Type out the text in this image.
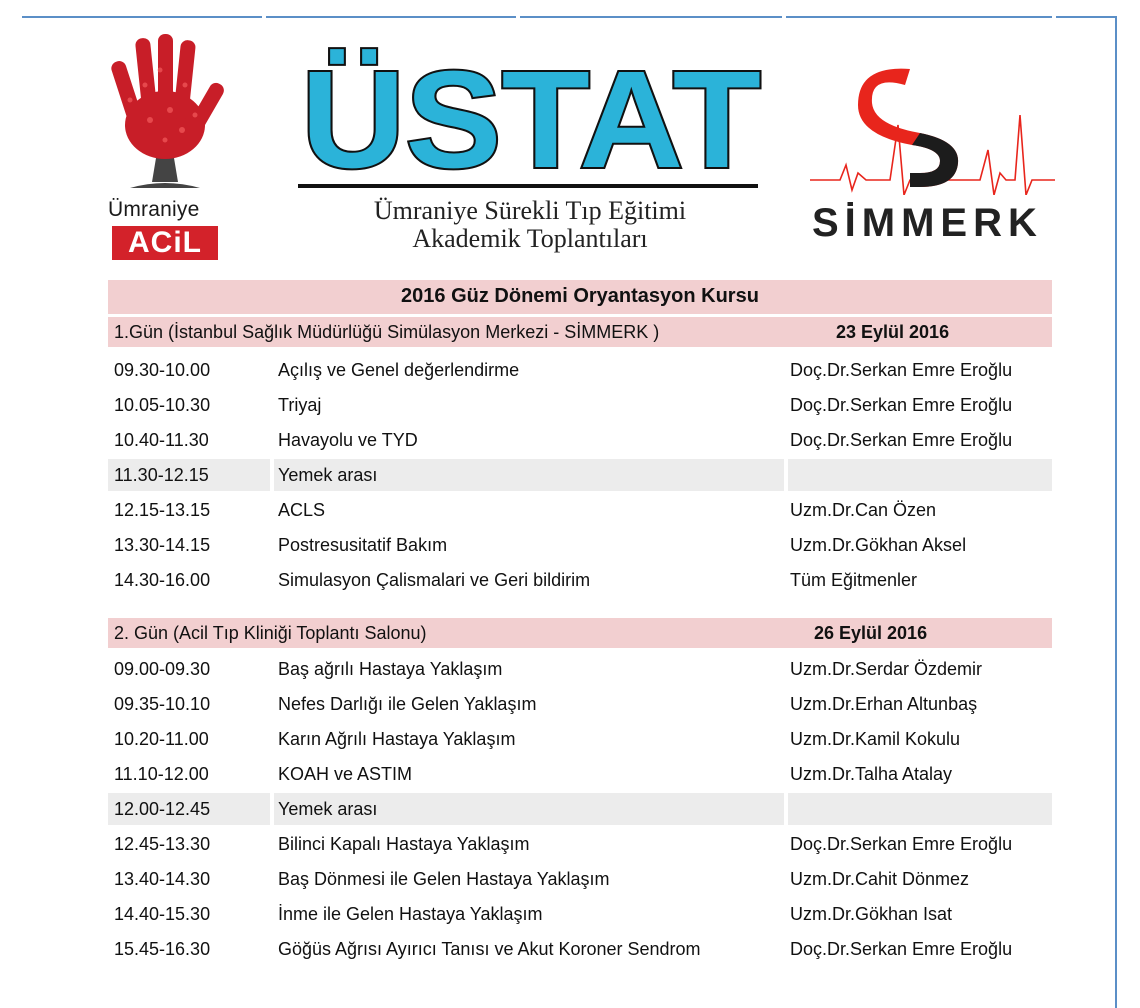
Ümraniye
ACiL
ÜSTAT
Ümraniye Sürekli Tıp Eğitimi
Akademik Toplantıları	SİMMERK
2016 Güz Dönemi Oryantasyon Kursu
1.Gün (İstanbul Sağlık Müdürlüğü Simülasyon Merkezi - SİMMERK )	23 Eylül 2016
09.30-10.00	Açılış ve Genel değerlendirme	Doç.Dr.Serkan Emre Eroğlu
10.05-10.30	Triyaj	Doç.Dr.Serkan Emre Eroğlu
10.40-11.30	Havayolu ve TYD	Doç.Dr.Serkan Emre Eroğlu
11.30-12.15	Yemek arası
12.15-13.15	ACLS	Uzm.Dr.Can Özen
13.30-14.15	Postresusitatif Bakım	Uzm.Dr.Gökhan Aksel
14.30-16.00	Simulasyon Çalismalari ve Geri bildirim	Tüm Eğitmenler
2. Gün (Acil Tıp Kliniği Toplantı Salonu)	26 Eylül 2016
09.00-09.30	Baş ağrılı Hastaya Yaklaşım	Uzm.Dr.Serdar Özdemir
09.35-10.10	Nefes Darlığı ile Gelen Yaklaşım	Uzm.Dr.Erhan Altunbaş
10.20-11.00	Karın Ağrılı Hastaya Yaklaşım	Uzm.Dr.Kamil Kokulu
11.10-12.00	KOAH ve ASTIM	Uzm.Dr.Talha Atalay
12.00-12.45	Yemek arası
12.45-13.30	Bilinci Kapalı Hastaya Yaklaşım	Doç.Dr.Serkan Emre Eroğlu
13.40-14.30	Baş Dönmesi ile Gelen Hastaya Yaklaşım	Uzm.Dr.Cahit Dönmez
14.40-15.30	İnme ile Gelen Hastaya Yaklaşım	Uzm.Dr.Gökhan Isat
15.45-16.30	Göğüs Ağrısı Ayırıcı Tanısı ve Akut Koroner Sendrom	Doç.Dr.Serkan Emre Eroğlu
